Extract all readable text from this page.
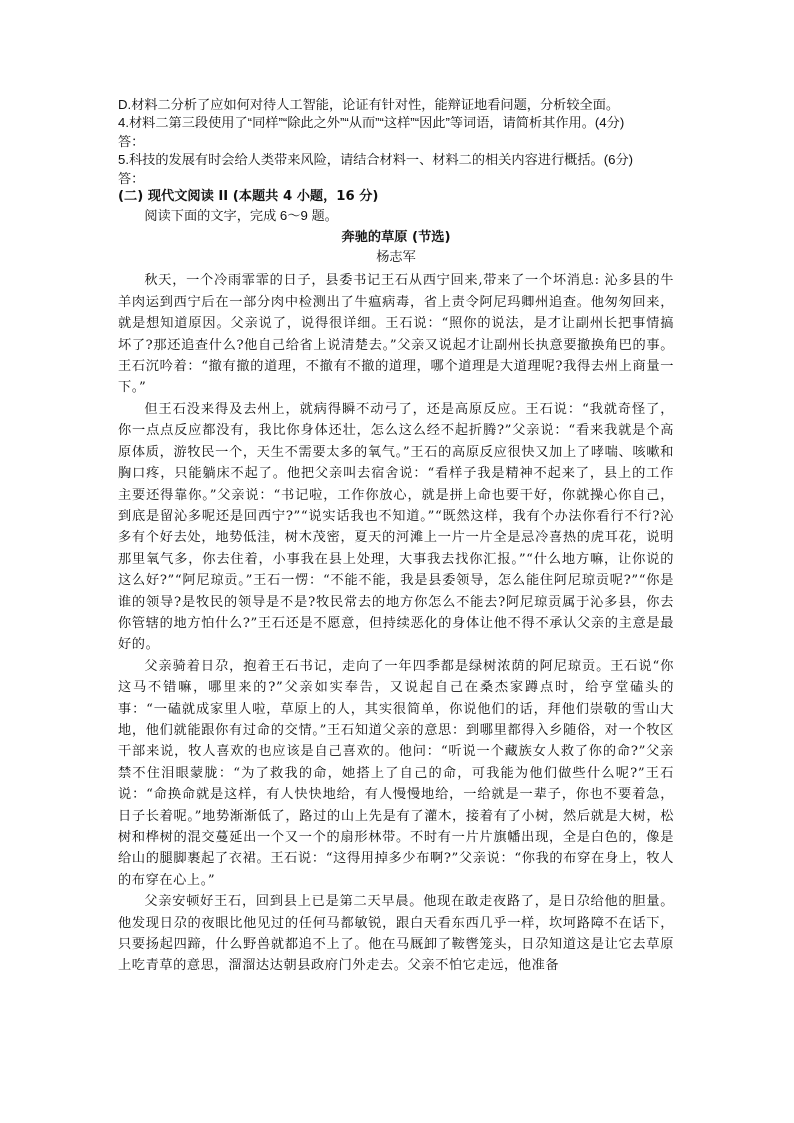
D.材料二分析了应如何对待人工智能，论证有针对性，能辩证地看问题，分析较全面。

4.材料二第三段使用了“同样”“除此之外”“从而”“这样”“因此”等词语，请简析其作用。(4分)

答：

5.科技的发展有时会给人类带来风险，请结合材料一、材料二的相关内容进行概括。(6分)

答：

(二) 现代文阅读 II (本题共 4 小题，16 分)

阅读下面的文字，完成 6～9 题。

奔驰的草原 (节选)

杨志军

秋天，一个冷雨霏霏的日子，县委书记王石从西宁回来,带来了一个坏消息: 沁多县的牛羊肉运到西宁后在一部分肉中检测出了牛瘟病毒，省上责令阿尼玛卿州追查。他匆匆回来，就是想知道原因。父亲说了，说得很详细。王石说：“照你的说法，是才让副州长把事情搞坏了?那还追查什么?他自己给省上说清楚去。”父亲又说起才让副州长执意要撤换角巴的事。王石沉吟着：“撤有撤的道理，不撤有不撤的道理，哪个道理是大道理呢?我得去州上商量一下。”

但王石没来得及去州上，就病得瞬不动弓了，还是高原反应。王石说：“我就奇怪了，你一点点反应都没有，我比你身体还壮，怎么这么经不起折腾?”父亲说：“看来我就是个高原体质，游牧民一个，天生不需要太多的氧气。”王石的高原反应很快又加上了哮喘、咳嗽和胸口疼，只能躺床不起了。他把父亲叫去宿舍说：“看样子我是精神不起来了，县上的工作主要还得靠你。”父亲说：“书记啦，工作你放心，就是拼上命也要干好，你就操心你自己，到底是留沁多呢还是回西宁?”“说实话我也不知道。”“既然这样，我有个办法你看行不行?沁多有个好去处，地势低洼，树木茂密，夏天的河滩上一片一片全是忌冷喜热的虎耳花，说明那里氧气多，你去住着，小事我在县上处理，大事我去找你汇报。”“什么地方嘛，让你说的这么好?”“阿尼琼贡。”王石一愣：“不能不能，我是县委领导，怎么能住阿尼琼贡呢?”“你是谁的领导?是牧民的领导是不是?牧民常去的地方你怎么不能去?阿尼琼贡属于沁多县，你去你管辖的地方怕什么?”王石还是不愿意，但持续恶化的身体让他不得不承认父亲的主意是最好的。

父亲骑着日尕，抱着王石书记，走向了一年四季都是绿树浓荫的阿尼琼贡。王石说“你这马不错嘛，哪里来的?”父亲如实奉告，又说起自己在桑杰家蹲点时，给亨堂磕头的事：“一磕就成家里人啦，草原上的人，其实很简单，你说他们的话，拜他们崇敬的雪山大地，他们就能跟你有过命的交情。”王石知道父亲的意思：到哪里都得入乡随俗，对一个牧区干部来说，牧人喜欢的也应该是自己喜欢的。他问：“听说一个藏族女人救了你的命?”父亲禁不住泪眼蒙胧：“为了救我的命，她搭上了自己的命，可我能为他们做些什么呢?”王石说：“命换命就是这样，有人快快地给，有人慢慢地给，一给就是一辈子，你也不要着急，日子长着呢。”地势渐渐低了，路过的山上先是有了灌木，接着有了小树，然后就是大树，松树和桦树的混交蔓延出一个又一个的扇形林带。不时有一片片旗幡出现，全是白色的，像是给山的腿脚裹起了衣裙。王石说：“这得用掉多少布啊?”父亲说：“你我的布穿在身上，牧人的布穿在心上。”

父亲安顿好王石，回到县上已是第二天早晨。他现在敢走夜路了，是日尕给他的胆量。他发现日尕的夜眼比他见过的任何马都敏锐，跟白天看东西几乎一样，坎坷路障不在话下，只要扬起四蹄，什么野兽就都追不上了。他在马厩卸了鞍辔笼头，日尕知道这是让它去草原上吃青草的意思，溜溜达达朝县政府门外走去。父亲不怕它走远，他准备
